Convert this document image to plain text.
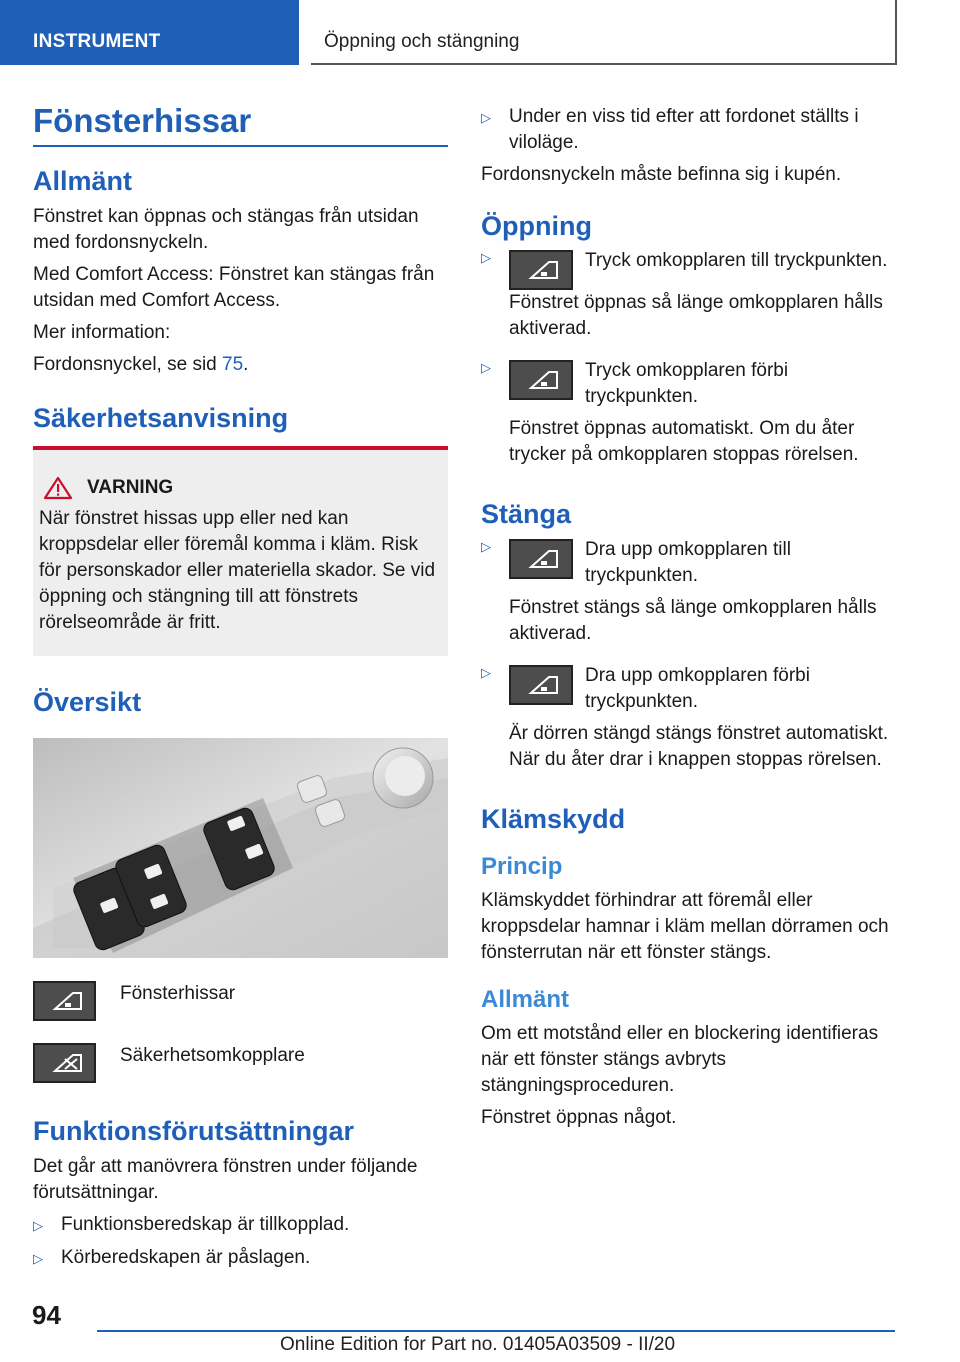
INSTRUMENT	Öppning och stängning
Fönsterhissar
Allmänt

Fönstret kan öppnas och stängas från utsidan med fordonsnyckeln.

Med Comfort Access: Fönstret kan stängas från utsidan med Comfort Access.

Mer information:

Fordonsnyckel, se sid 75.

Säkerhetsanvisning
VARNING

När fönstret hissas upp eller ned kan kroppsdelar eller föremål komma i kläm. Risk för personskador eller materiella skador. Se vid öppning och stängning till att fönstrets rörelseområde är fritt.

Översikt

Fönsterhissar

Säkerhetsomkopplare

Funktionsförutsättningar

Det går att manövrera fönstren under följande förutsättningar.

▷ Funktionsberedskap är tillkopplad.
▷ Körberedskapen är påslagen.
▷ Under en viss tid efter att fordonet ställts i viloläge.

Fordonsnyckeln måste befinna sig i kupén.

Öppning
▷	Tryck omkopplaren till tryckpunkten.

Fönstret öppnas så länge omkopplaren hålls aktiverad.

▷	Tryck omkopplaren förbi tryckpunkten.

Fönstret öppnas automatiskt. Om du åter trycker på omkopplaren stoppas rörelsen.

Stänga
▷	Dra upp omkopplaren till tryckpunkten.

Fönstret stängs så länge omkopplaren hålls aktiverad.

▷	Dra upp omkopplaren förbi tryckpunkten.

Är dörren stängd stängs fönstret automatiskt. När du åter drar i knappen stoppas rörelsen.

Klämskydd
Princip

Klämskyddet förhindrar att föremål eller kroppsdelar hamnar i kläm mellan dörramen och fönsterrutan när ett fönster stängs.

Allmänt

Om ett motstånd eller en blockering identifieras när ett fönster stängs avbryts stängningsproceduren.

Fönstret öppnas något.

94
Online Edition for Part no. 01405A03509 - II/20
